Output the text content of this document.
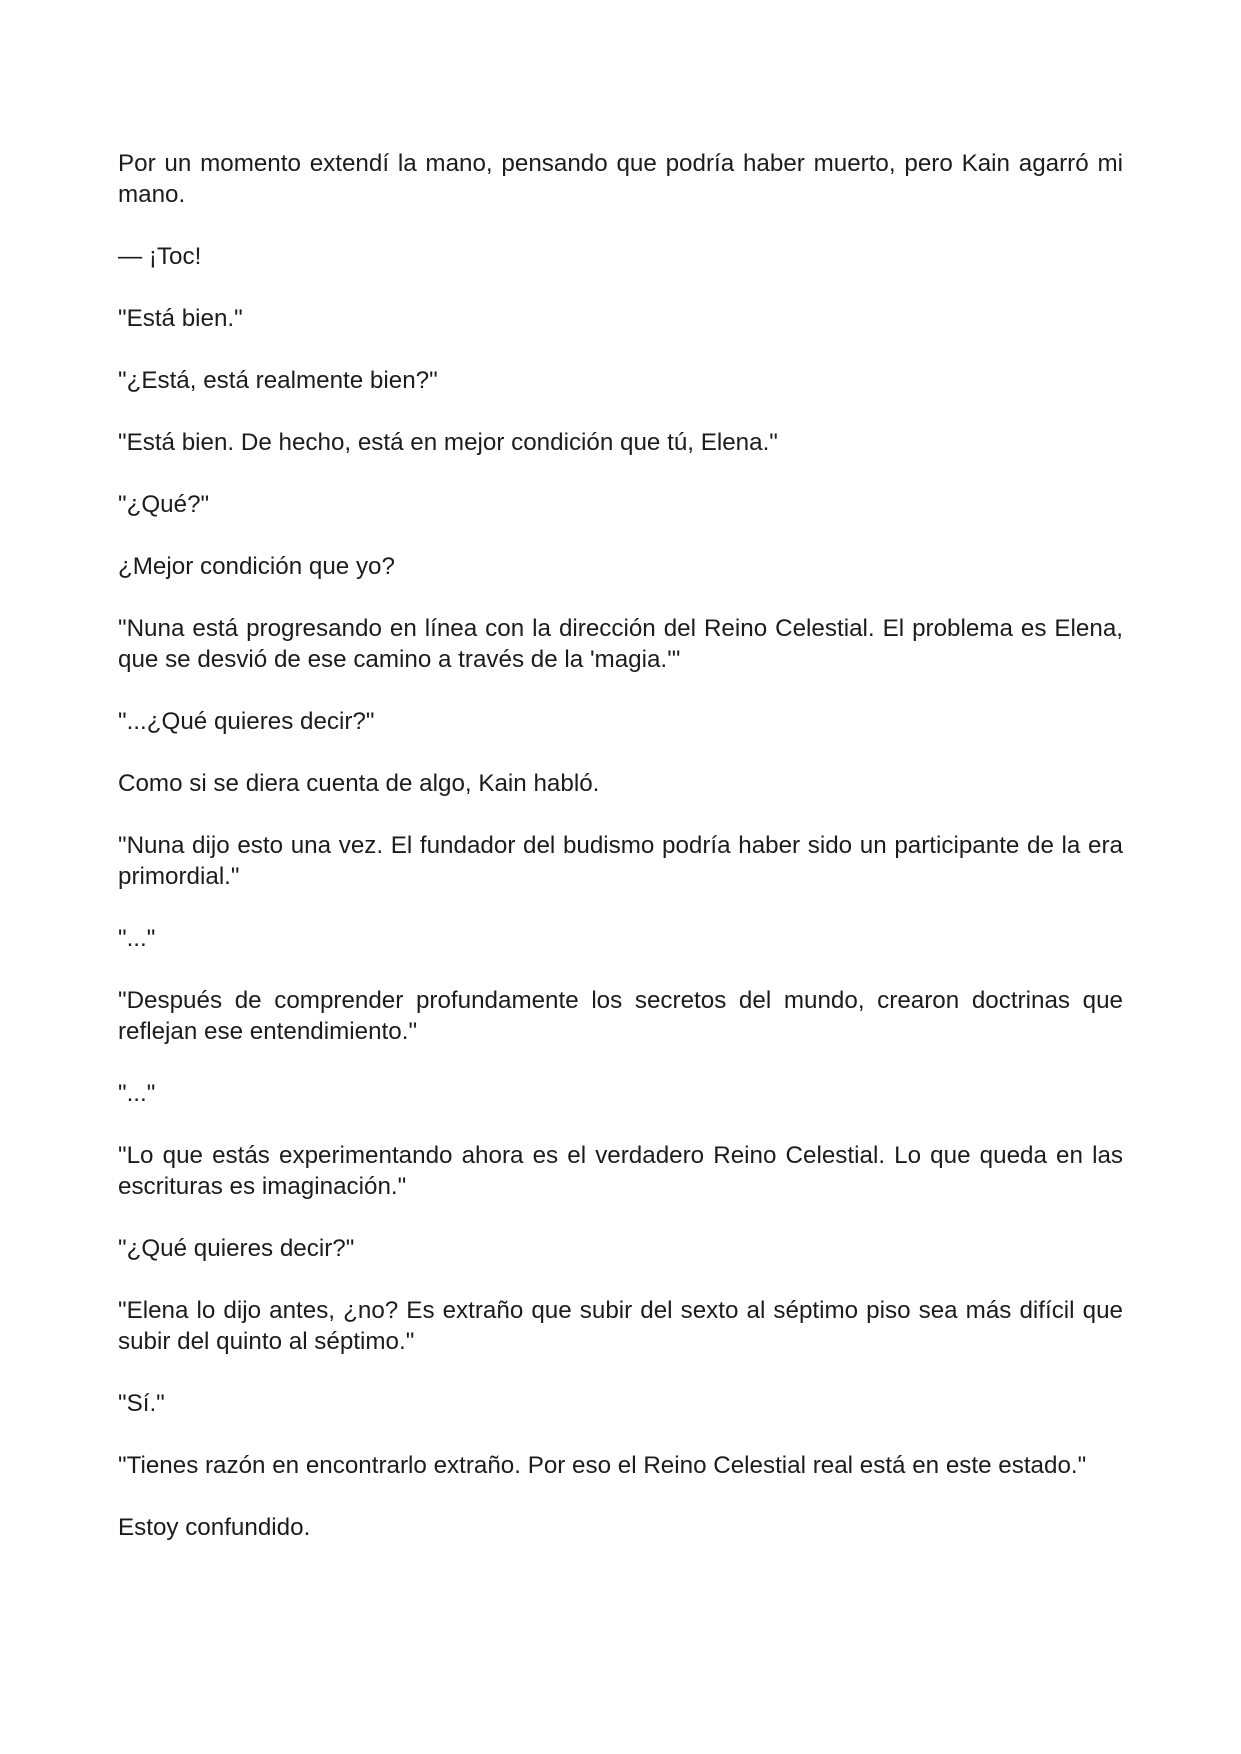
Por un momento extendí la mano, pensando que podría haber muerto, pero Kain agarró mi mano.

— ¡Toc!

"Está bien."

"¿Está, está realmente bien?"

"Está bien. De hecho, está en mejor condición que tú, Elena."

"¿Qué?"

¿Mejor condición que yo?

"Nuna está progresando en línea con la dirección del Reino Celestial. El problema es Elena, que se desvió de ese camino a través de la 'magia.'"

"...¿Qué quieres decir?"

Como si se diera cuenta de algo, Kain habló.

"Nuna dijo esto una vez. El fundador del budismo podría haber sido un participante de la era primordial."

"..."

"Después de comprender profundamente los secretos del mundo, crearon doctrinas que reflejan ese entendimiento."

"..."

"Lo que estás experimentando ahora es el verdadero Reino Celestial. Lo que queda en las escrituras es imaginación."

"¿Qué quieres decir?"

"Elena lo dijo antes, ¿no? Es extraño que subir del sexto al séptimo piso sea más difícil que subir del quinto al séptimo."

"Sí."

"Tienes razón en encontrarlo extraño. Por eso el Reino Celestial real está en este estado."

Estoy confundido.
